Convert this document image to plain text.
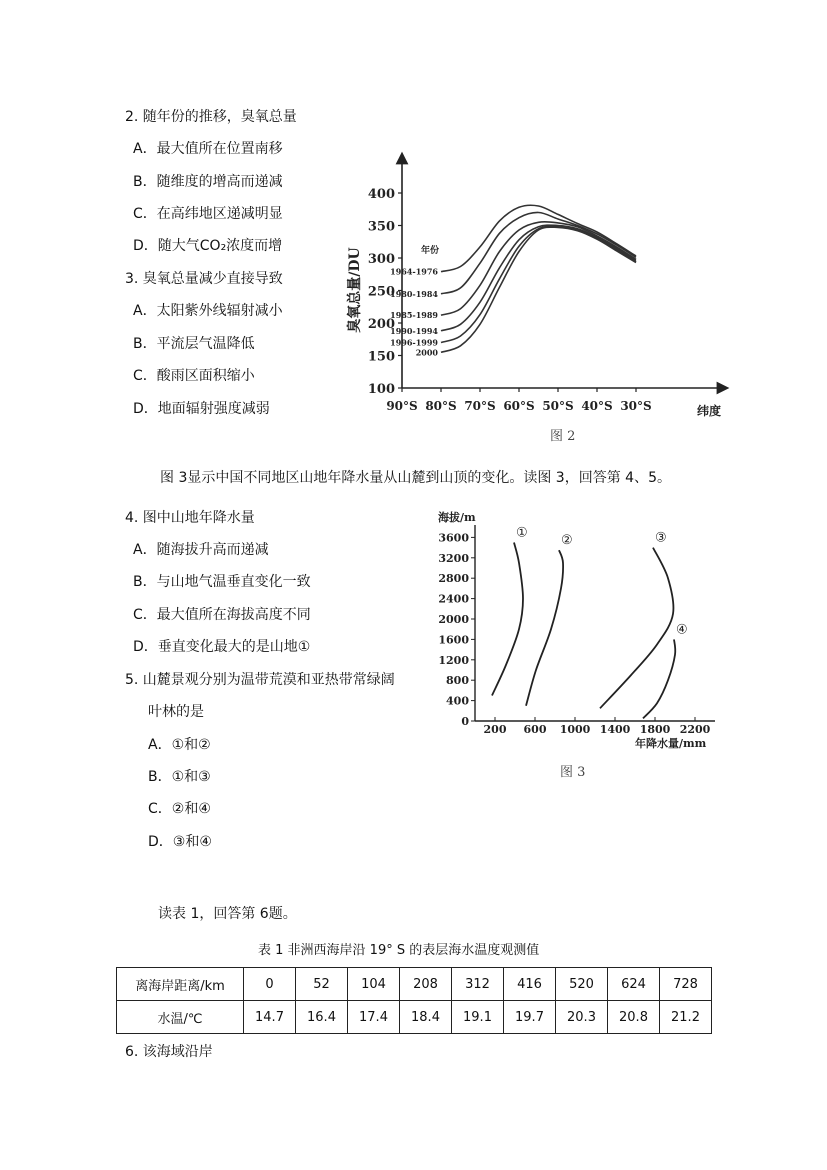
2. 随年份的推移，臭氧总量
A．最大值所在位置南移
B．随维度的增高而递减
C．在高纬地区递减明显
D．随大气CO₂浓度而增
3. 臭氧总量减少直接导致
A．太阳紫外线辐射减小
B．平流层气温降低
C．酸雨区面积缩小
D．地面辐射强度减弱
400
350
300
250
200
150
100
90°S 80°S 70°S 60°S 50°S 40°S 30°S
1964-1976
1980-1984
1985-1989
1990-1994
1996-1999
2000
臭氧总量/DU
纬度
年份
图 2
图 3显示中国不同地区山地年降水量从山麓到山顶的变化。读图 3，回答第 4、5。
4. 图中山地年降水量
A．随海拔升高而递减
B．与山地气温垂直变化一致
C．最大值所在海拔高度不同
D．垂直变化最大的是山地①
5. 山麓景观分别为温带荒漠和亚热带常绿阔
叶林的是
A．①和②
B．①和③
C．②和④
D．③和④
3600
3200
2800
2400
2000
1600
1200
800
400
0
200 600 1000 1400 1800 2200
①
②	③
④
海拔/m
年降水量/mm
图 3
读表 1，回答第 6题。
表 1 非洲西海岸沿 19° S 的表层海水温度观测值
离海岸距离/km	0	52	104	208	312	416	520	624	728
水温/℃	14.7	16.4	17.4	18.4	19.1	19.7	20.3	20.8	21.2
6. 该海域沿岸
